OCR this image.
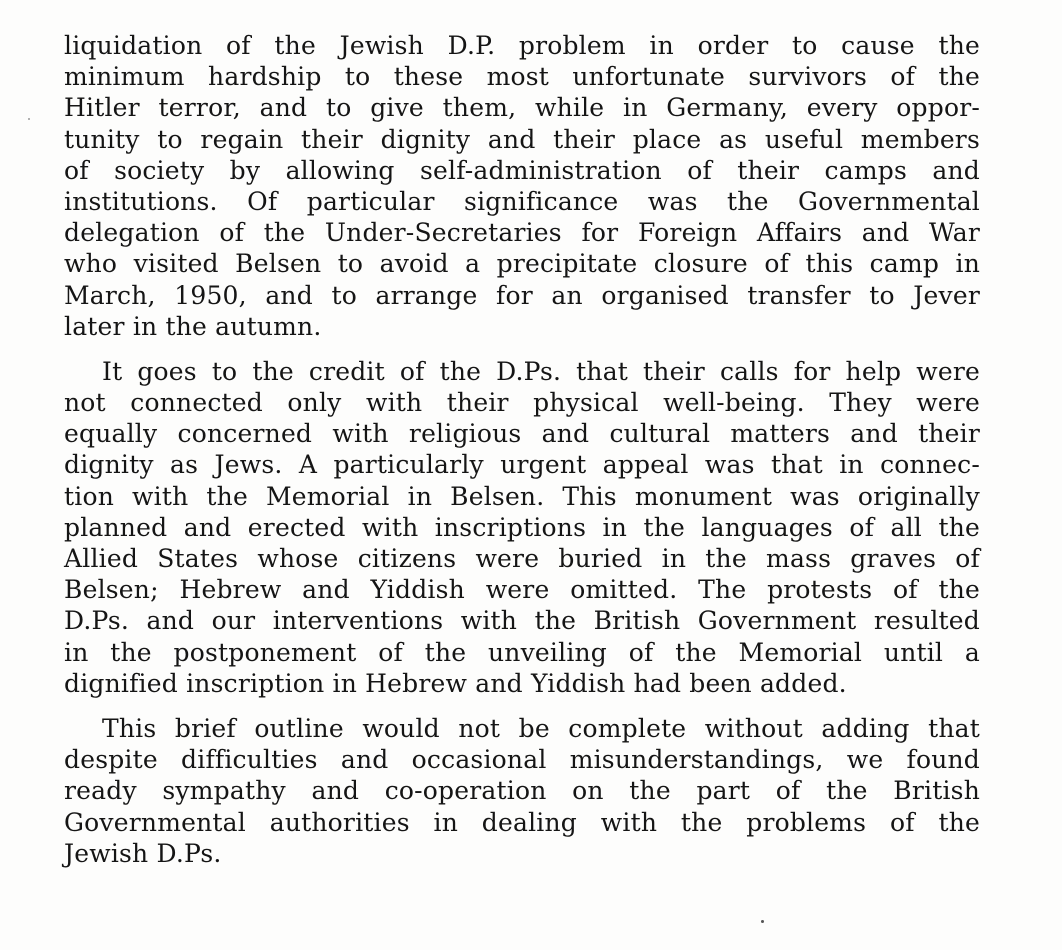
liquidation of the Jewish D.P. problem in order to cause the
minimum hardship to these most unfortunate survivors of the
Hitler terror, and to give them, while in Germany, every oppor-
tunity to regain their dignity and their place as useful members
of society by allowing self-administration of their camps and
institutions. Of particular significance was the Governmental
delegation of the Under-Secretaries for Foreign Affairs and War
who visited Belsen to avoid a precipitate closure of this camp in
March, 1950, and to arrange for an organised transfer to Jever
later in the autumn.
It goes to the credit of the D.Ps. that their calls for help were
not connected only with their physical well-being. They were
equally concerned with religious and cultural matters and their
dignity as Jews. A particularly urgent appeal was that in connec-
tion with the Memorial in Belsen. This monument was originally
planned and erected with inscriptions in the languages of all the
Allied States whose citizens were buried in the mass graves of
Belsen; Hebrew and Yiddish were omitted. The protests of the
D.Ps. and our interventions with the British Government resulted
in the postponement of the unveiling of the Memorial until a
dignified inscription in Hebrew and Yiddish had been added.
This brief outline would not be complete without adding that
despite difficulties and occasional misunderstandings, we found
ready sympathy and co-operation on the part of the British
Governmental authorities in dealing with the problems of the
Jewish D.Ps.
